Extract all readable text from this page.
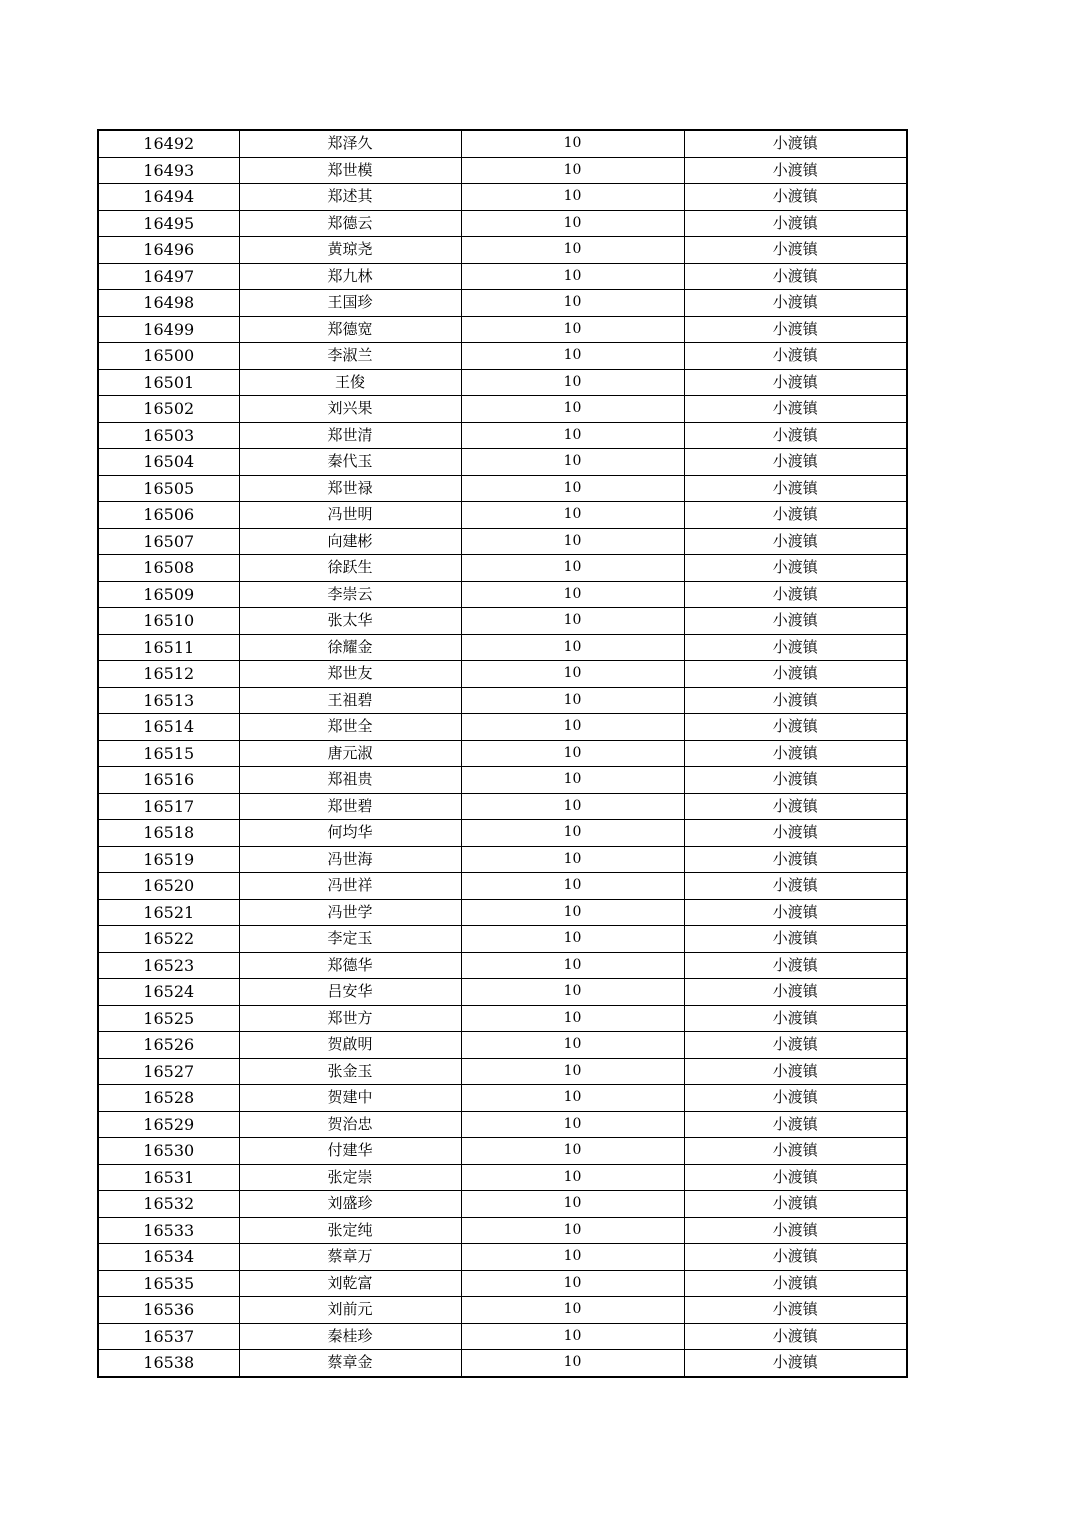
16492	郑泽久	10	小渡镇
16493	郑世模	10	小渡镇
16494	郑述其	10	小渡镇
16495	郑德云	10	小渡镇
16496	黄琼尧	10	小渡镇
16497	郑九林	10	小渡镇
16498	王国珍	10	小渡镇
16499	郑德宽	10	小渡镇
16500	李淑兰	10	小渡镇
16501	王俊	10	小渡镇
16502	刘兴果	10	小渡镇
16503	郑世清	10	小渡镇
16504	秦代玉	10	小渡镇
16505	郑世禄	10	小渡镇
16506	冯世明	10	小渡镇
16507	向建彬	10	小渡镇
16508	徐跃生	10	小渡镇
16509	李崇云	10	小渡镇
16510	张太华	10	小渡镇
16511	徐耀金	10	小渡镇
16512	郑世友	10	小渡镇
16513	王祖碧	10	小渡镇
16514	郑世全	10	小渡镇
16515	唐元淑	10	小渡镇
16516	郑祖贵	10	小渡镇
16517	郑世碧	10	小渡镇
16518	何均华	10	小渡镇
16519	冯世海	10	小渡镇
16520	冯世祥	10	小渡镇
16521	冯世学	10	小渡镇
16522	李定玉	10	小渡镇
16523	郑德华	10	小渡镇
16524	吕安华	10	小渡镇
16525	郑世方	10	小渡镇
16526	贺啟明	10	小渡镇
16527	张金玉	10	小渡镇
16528	贺建中	10	小渡镇
16529	贺治忠	10	小渡镇
16530	付建华	10	小渡镇
16531	张定崇	10	小渡镇
16532	刘盛珍	10	小渡镇
16533	张定纯	10	小渡镇
16534	蔡章万	10	小渡镇
16535	刘乾富	10	小渡镇
16536	刘前元	10	小渡镇
16537	秦桂珍	10	小渡镇
16538	蔡章金	10	小渡镇
